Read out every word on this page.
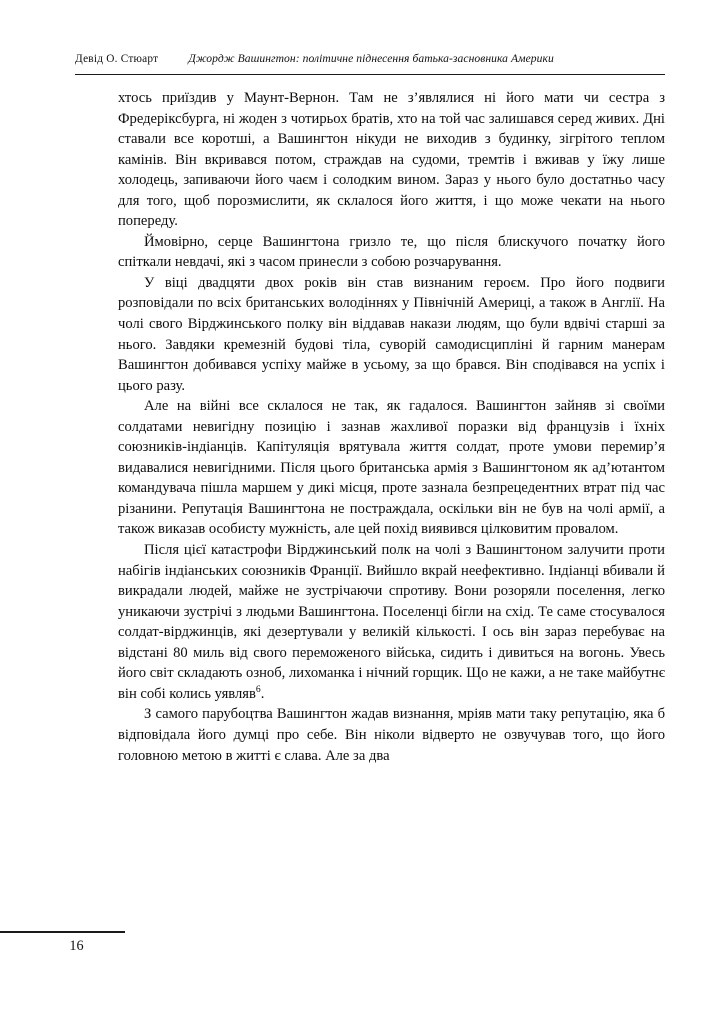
Девід О. Стюарт	Джордж Вашингтон: політичне піднесення батька-засновника Америки

хтось приїздив у Маунт-Вернон. Там не з’являлися ні його мати чи сестра з Фредеріксбурга, ні жоден з чотирьох братів, хто на той час залишався серед живих. Дні ставали все коротші, а Вашингтон нікуди не виходив з будинку, зігрітого теплом камінів. Він вкривався потом, страждав на судоми, тремтів і вживав у їжу лише холодець, запиваючи його чаєм і солодким вином. Зараз у нього було достатньо часу для того, щоб порозмислити, як склалося його життя, і що може чекати на нього попереду.

Ймовірно, серце Вашингтона гризло те, що після блискучого початку його спіткали невдачі, які з часом принесли з собою розчарування.

У віці двадцяти двох років він став визнаним героєм. Про його подвиги розповідали по всіх британських володіннях у Північній Америці, а також в Англії. На чолі свого Вірджинського полку він віддавав накази людям, що були вдвічі старші за нього. Завдяки кремезній будові тіла, суворій самодисципліні й гарним манерам Вашингтон добивався успіху майже в усьому, за що брався. Він сподівався на успіх і цього разу.

Але на війні все склалося не так, як гадалося. Вашингтон зайняв зі своїми солдатами невигідну позицію і зазнав жахливої поразки від французів і їхніх союзників-індіанців. Капітуляція врятувала життя солдат, проте умови перемир’я видавалися невигідними. Після цього британська армія з Вашингтоном як ад’ютантом командувача пішла маршем у дикі місця, проте зазнала безпрецедентних втрат під час різанини. Репутація Вашингтона не постраждала, оскільки він не був на чолі армії, а також виказав особисту мужність, але цей похід виявився цілковитим провалом.

Після цієї катастрофи Вірджинський полк на чолі з Вашингтоном залучити проти набігів індіанських союзників Франції. Вийшло вкрай неефективно. Індіанці вбивали й викрадали людей, майже не зустрічаючи спротиву. Вони розоряли поселення, легко уникаючи зустрічі з людьми Вашингтона. Поселенці бігли на схід. Те саме стосувалося солдат-вірджинців, які дезертували у великій кількості. І ось він зараз перебуває на відстані 80 миль від свого переможеного війська, сидить і дивиться на вогонь. Увесь його світ складають озноб, лихоманка і нічний горщик. Що не кажи, а не таке майбутнє він собі колись уявляв$^6$.

З самого парубоцтва Вашингтон жадав визнання, мріяв мати таку репутацію, яка б відповідала його думці про себе. Він ніколи відверто не озвучував того, що його головною метою в житті є слава. Але за два

16
